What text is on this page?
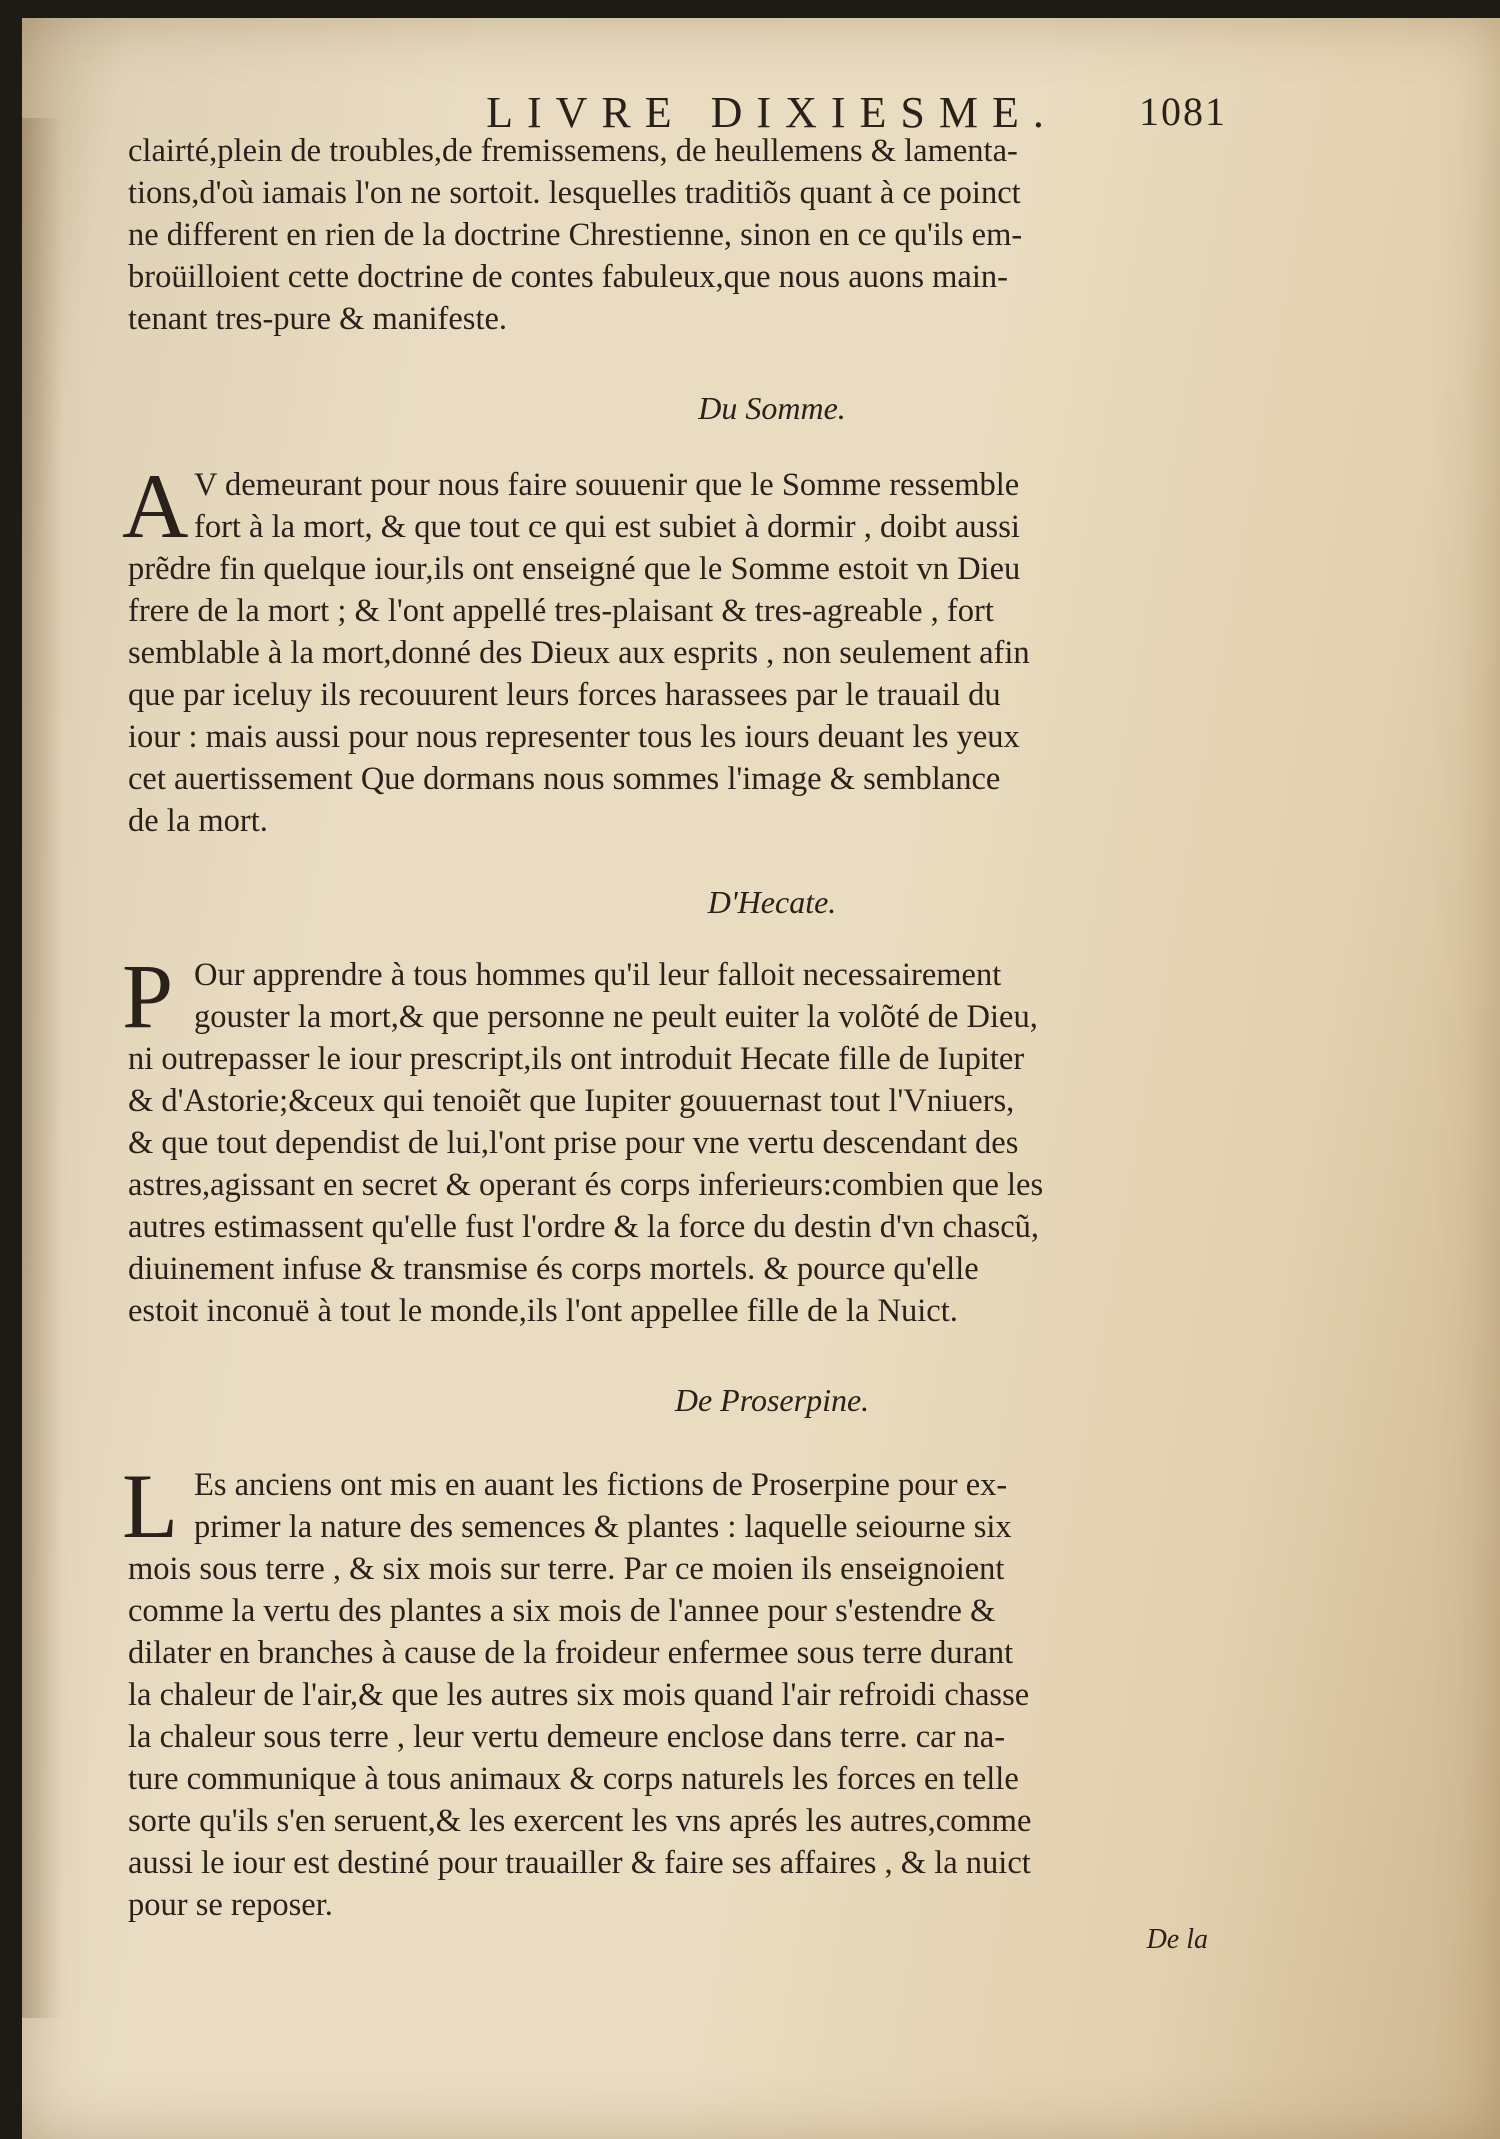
LIVRE DIXIESME.	1081
clairté,plein de troubles,de fremissemens, de heullemens & lamenta-
tions,d'où iamais l'on ne sortoit. lesquelles traditiõs quant à ce poinct
ne different en rien de la doctrine Chrestienne, sinon en ce qu'ils em-
broüilloient cette doctrine de contes fabuleux,que nous auons main-
tenant tres-pure & manifeste.
Du Somme.
A V demeurant pour nous faire souuenir que le Somme ressemble
fort à la mort, & que tout ce qui est subiet à dormir , doibt aussi
prẽdre fin quelque iour,ils ont enseigné que le Somme estoit vn Dieu
frere de la mort ; & l'ont appellé tres-plaisant & tres-agreable , fort
semblable à la mort,donné des Dieux aux esprits , non seulement afin
que par iceluy ils recouurent leurs forces harassees par le trauail du
iour : mais aussi pour nous representer tous les iours deuant les yeux
cet auertissement Que dormans nous sommes l'image & semblance
de la mort.
D'Hecate.
P Our apprendre à tous hommes qu'il leur falloit necessairement
gouster la mort,& que personne ne peult euiter la volõté de Dieu,
ni outrepasser le iour prescript,ils ont introduit Hecate fille de Iupiter
& d'Astorie;&ceux qui tenoiẽt que Iupiter gouuernast tout l'Vniuers,
& que tout dependist de lui,l'ont prise pour vne vertu descendant des
astres,agissant en secret & operant és corps inferieurs:combien que les
autres estimassent qu'elle fust l'ordre & la force du destin d'vn chascũ,
diuinement infuse & transmise és corps mortels. & pource qu'elle
estoit inconuë à tout le monde,ils l'ont appellee fille de la Nuict.
De Proserpine.
L Es anciens ont mis en auant les fictions de Proserpine pour ex-
primer la nature des semences & plantes : laquelle seiourne six
mois sous terre , & six mois sur terre. Par ce moien ils enseignoient
comme la vertu des plantes a six mois de l'annee pour s'estendre &
dilater en branches à cause de la froideur enfermee sous terre durant
la chaleur de l'air,& que les autres six mois quand l'air refroidi chasse
la chaleur sous terre , leur vertu demeure enclose dans terre. car na-
ture communique à tous animaux & corps naturels les forces en telle
sorte qu'ils s'en seruent,& les exercent les vns aprés les autres,comme
aussi le iour est destiné pour trauailler & faire ses affaires , & la nuict
pour se reposer.
De la
